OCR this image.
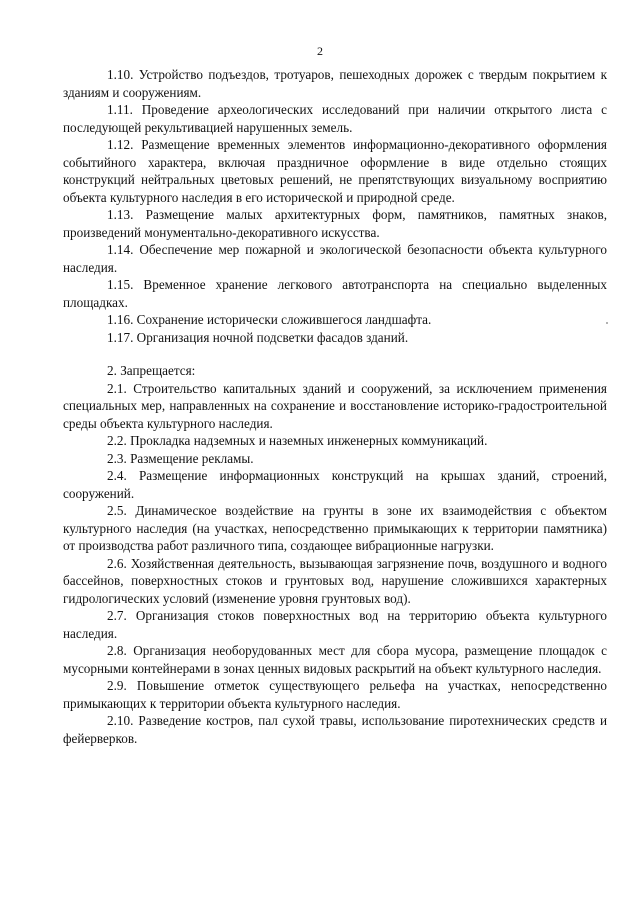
2

1.10. Устройство подъездов, тротуаров, пешеходных дорожек с твердым покрытием к зданиям и сооружениям.

1.11. Проведение археологических исследований при наличии открытого листа с последующей рекультивацией нарушенных земель.

1.12. Размещение временных элементов информационно-декоративного оформления событийного характера, включая праздничное оформление в виде отдельно стоящих конструкций нейтральных цветовых решений, не препятствующих визуальному восприятию объекта культурного наследия в его исторической и природной среде.

1.13. Размещение малых архитектурных форм, памятников, памятных знаков, произведений монументально-декоративного искусства.

1.14. Обеспечение мер пожарной и экологической безопасности объекта культурного наследия.

1.15. Временное хранение легкового автотранспорта на специально выделенных площадках.

1.16. Сохранение исторически сложившегося ландшафта.

1.17. Организация ночной подсветки фасадов зданий.

2. Запрещается:

2.1. Строительство капитальных зданий и сооружений, за исключением применения специальных мер, направленных на сохранение и восстановление историко-градостроительной среды объекта культурного наследия.

2.2. Прокладка надземных и наземных инженерных коммуникаций.

2.3. Размещение рекламы.

2.4. Размещение информационных конструкций на крышах зданий, строений, сооружений.

2.5. Динамическое воздействие на грунты в зоне их взаимодействия с объектом культурного наследия (на участках, непосредственно примыкающих к территории памятника) от производства работ различного типа, создающее вибрационные нагрузки.

2.6. Хозяйственная деятельность, вызывающая загрязнение почв, воздушного и водного бассейнов, поверхностных стоков и грунтовых вод, нарушение сложившихся характерных гидрологических условий (изменение уровня грунтовых вод).

2.7. Организация стоков поверхностных вод на территорию объекта культурного наследия.

2.8. Организация необорудованных мест для сбора мусора, размещение площадок с мусорными контейнерами в зонах ценных видовых раскрытий на объект культурного наследия.

2.9. Повышение отметок существующего рельефа на участках, непосредственно примыкающих к территории объекта культурного наследия.

2.10. Разведение костров, пал сухой травы, использование пиротехнических средств и фейерверков.
